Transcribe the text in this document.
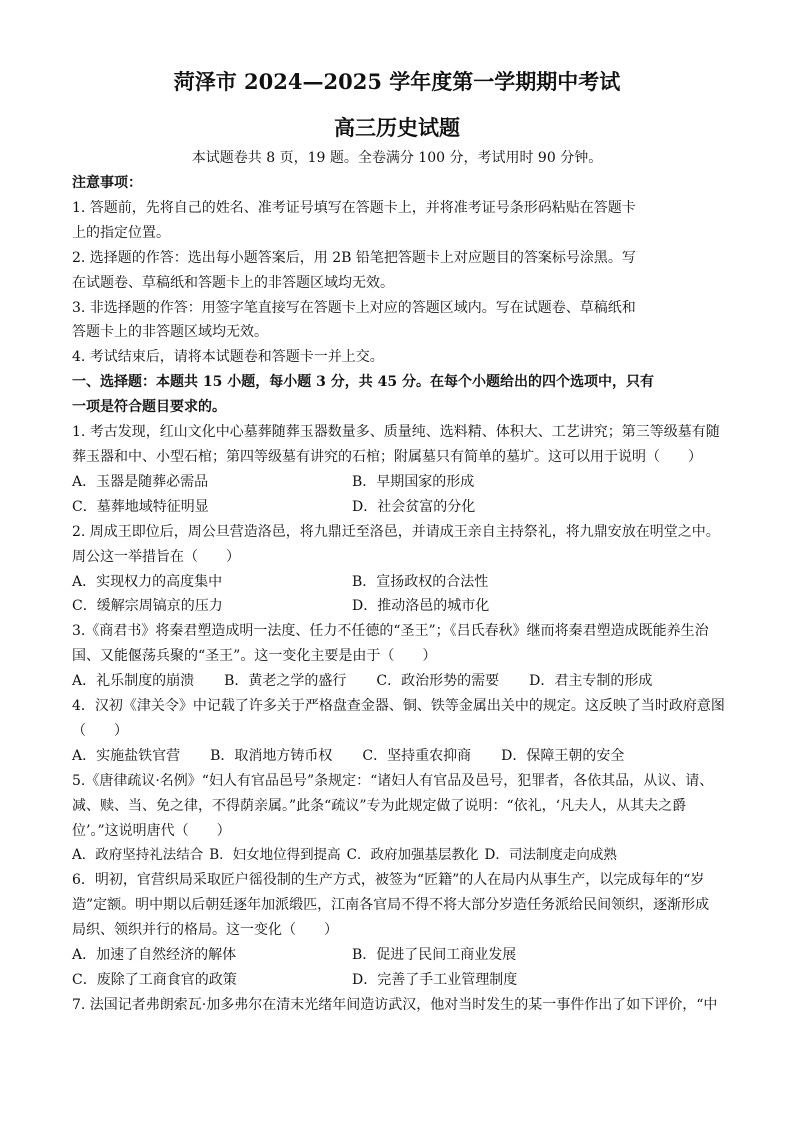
菏泽市 2024—2025 学年度第一学期期中考试
高三历史试题
本试题卷共 8 页，19 题。全卷满分 100 分，考试用时 90 分钟。
注意事项：
1. 答题前，先将自己的姓名、准考证号填写在答题卡上，并将准考证号条形码粘贴在答题卡
上的指定位置。
2. 选择题的作答：选出每小题答案后，用 2B 铅笔把答题卡上对应题目的答案标号涂黑。写
在试题卷、草稿纸和答题卡上的非答题区域均无效。
3. 非选择题的作答：用签字笔直接写在答题卡上对应的答题区域内。写在试题卷、草稿纸和
答题卡上的非答题区域均无效。
4. 考试结束后，请将本试题卷和答题卡一并上交。
一、选择题：本题共 15 小题，每小题 3 分，共 45 分。在每个小题给出的四个选项中，只有
一项是符合题目要求的。
1. 考古发现，红山文化中心墓葬随葬玉器数量多、质量纯、选料精、体积大、工艺讲究；第三等级墓有随
葬玉器和中、小型石棺；第四等级墓有讲究的石棺；附属墓只有简单的墓圹。这可以用于说明（　　）
A．玉器是随葬必需品	B．早期国家的形成
C．墓葬地域特征明显	D．社会贫富的分化
2. 周成王即位后，周公旦营造洛邑，将九鼎迁至洛邑，并请成王亲自主持祭礼，将九鼎安放在明堂之中。
周公这一举措旨在（　　）
A．实现权力的高度集中	B．宣扬政权的合法性
C．缓解宗周镐京的压力	D．推动洛邑的城市化
3.《商君书》将秦君塑造成明一法度、任力不任德的“圣王”；《吕氏春秋》继而将秦君塑造成既能养生治
国、又能偃荡兵聚的“圣王”。这一变化主要是由于（　　）
A．礼乐制度的崩溃 B．黄老之学的盛行 C．政治形势的需要 D．君主专制的形成
4．汉初《津关令》中记载了许多关于严格盘查金器、铜、铁等金属出关中的规定。这反映了当时政府意图
（　　）
A．实施盐铁官营 B．取消地方铸币权 C．坚持重农抑商 D．保障王朝的安全
5.《唐律疏议·名例》“妇人有官品邑号”条规定：“诸妇人有官品及邑号，犯罪者，各依其品，从议、请、
减、赎、当、免之律，不得荫亲属。”此条“疏议”专为此规定做了说明：“依礼，‘凡夫人，从其夫之爵
位’。”这说明唐代（　　）
A．政府坚持礼法结合 B．妇女地位得到提高 C．政府加强基层教化 D．司法制度走向成熟
6．明初，官营织局采取匠户徭役制的生产方式，被签为“匠籍”的人在局内从事生产，以完成每年的“岁
造”定额。明中期以后朝廷逐年加派缎匹，江南各官局不得不将大部分岁造任务派给民间领织，逐渐形成
局织、领织并行的格局。这一变化（　　）
A．加速了自然经济的解体	B．促进了民间工商业发展
C．废除了工商食官的政策	D．完善了手工业管理制度
7. 法国记者弗朗索瓦·加多弗尔在清末光绪年间造访武汉，他对当时发生的某一事件作出了如下评价，“中
